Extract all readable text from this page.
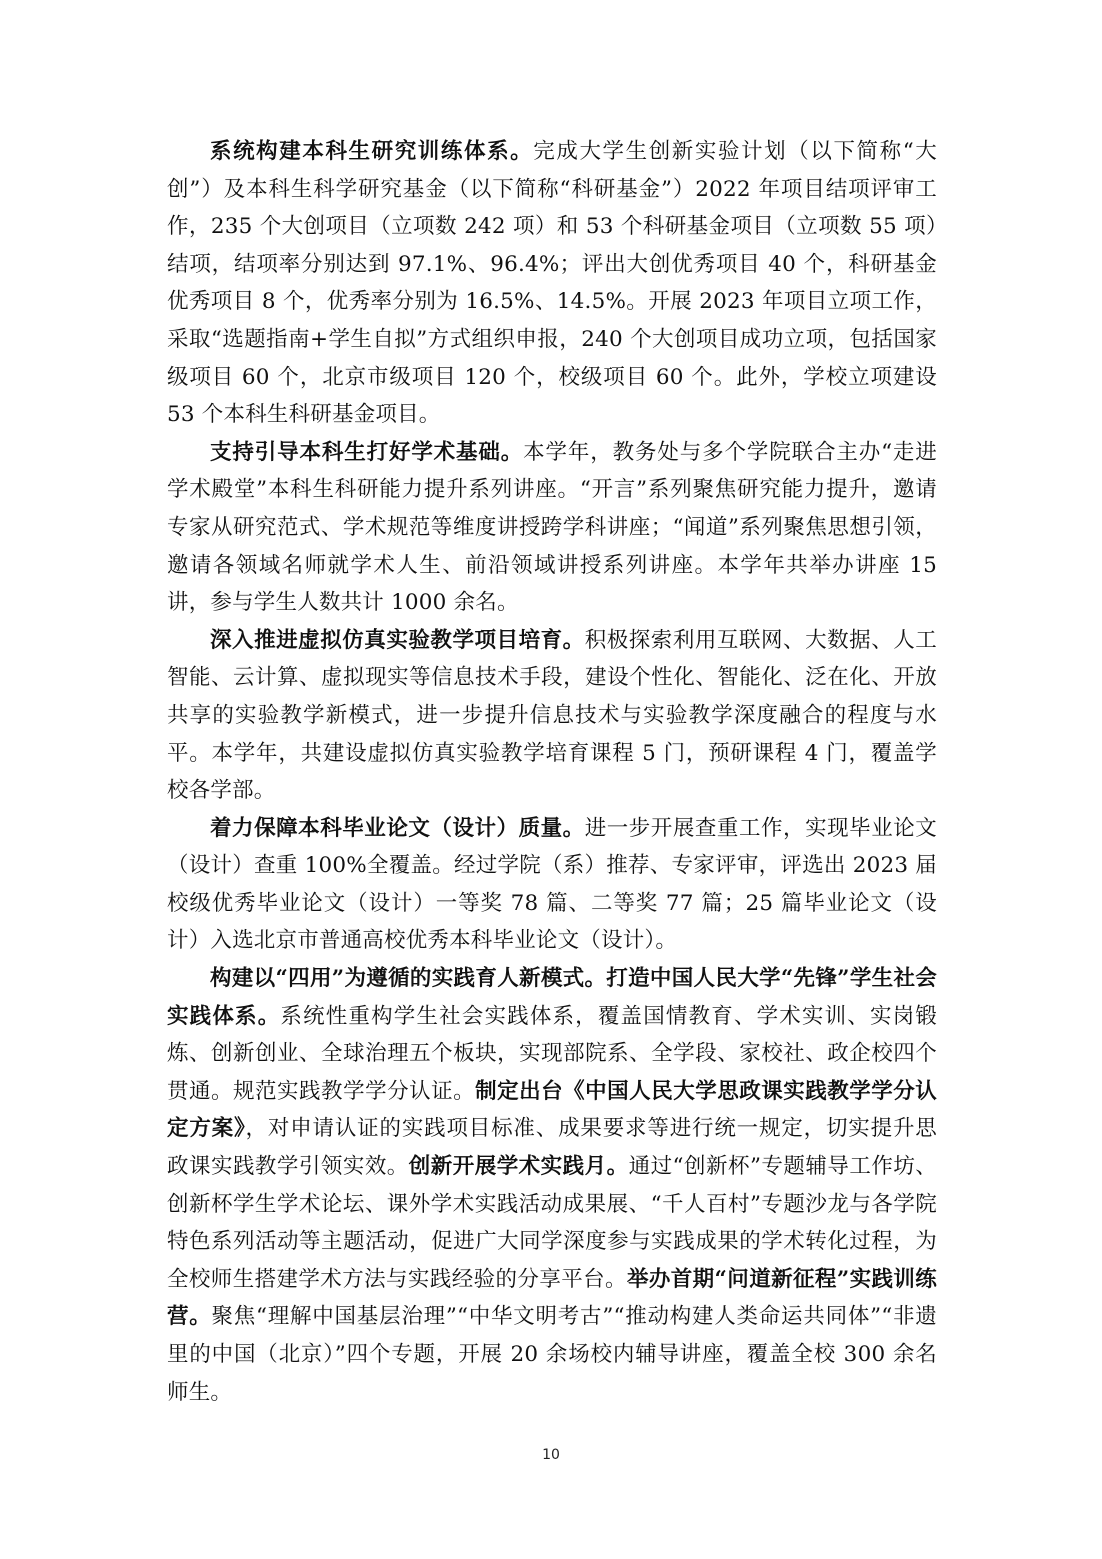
系统构建本科生研究训练体系。完成大学生创新实验计划（以下简称“大创”）及本科生科学研究基金（以下简称“科研基金”）2022 年项目结项评审工作，235 个大创项目（立项数 242 项）和 53 个科研基金项目（立项数 55 项）结项，结项率分别达到 97.1%、96.4%；评出大创优秀项目 40 个，科研基金优秀项目 8 个，优秀率分别为 16.5%、14.5%。开展 2023 年项目立项工作，采取“选题指南+学生自拟”方式组织申报，240 个大创项目成功立项，包括国家级项目 60 个，北京市级项目 120 个，校级项目 60 个。此外，学校立项建设 53 个本科生科研基金项目。

支持引导本科生打好学术基础。本学年，教务处与多个学院联合主办“走进学术殿堂”本科生科研能力提升系列讲座。“开言”系列聚焦研究能力提升，邀请专家从研究范式、学术规范等维度讲授跨学科讲座；“闻道”系列聚焦思想引领，邀请各领域名师就学术人生、前沿领域讲授系列讲座。本学年共举办讲座 15 讲，参与学生人数共计 1000 余名。

深入推进虚拟仿真实验教学项目培育。积极探索利用互联网、大数据、人工智能、云计算、虚拟现实等信息技术手段，建设个性化、智能化、泛在化、开放共享的实验教学新模式，进一步提升信息技术与实验教学深度融合的程度与水平。本学年，共建设虚拟仿真实验教学培育课程 5 门，预研课程 4 门，覆盖学校各学部。

着力保障本科毕业论文（设计）质量。进一步开展查重工作，实现毕业论文（设计）查重 100%全覆盖。经过学院（系）推荐、专家评审，评选出 2023 届校级优秀毕业论文（设计）一等奖 78 篇、二等奖 77 篇；25 篇毕业论文（设计）入选北京市普通高校优秀本科毕业论文（设计）。

构建以“四用”为遵循的实践育人新模式。打造中国人民大学“先锋”学生社会实践体系。系统性重构学生社会实践体系，覆盖国情教育、学术实训、实岗锻炼、创新创业、全球治理五个板块，实现部院系、全学段、家校社、政企校四个贯通。规范实践教学学分认证。制定出台《中国人民大学思政课实践教学学分认定方案》，对申请认证的实践项目标准、成果要求等进行统一规定，切实提升思政课实践教学引领实效。创新开展学术实践月。通过“创新杯”专题辅导工作坊、创新杯学生学术论坛、课外学术实践活动成果展、“千人百村”专题沙龙与各学院特色系列活动等主题活动，促进广大同学深度参与实践成果的学术转化过程，为全校师生搭建学术方法与实践经验的分享平台。举办首期“问道新征程”实践训练营。聚焦“理解中国基层治理”“中华文明考古”“推动构建人类命运共同体”“非遗里的中国（北京）”四个专题，开展 20 余场校内辅导讲座，覆盖全校 300 余名师生。

10
